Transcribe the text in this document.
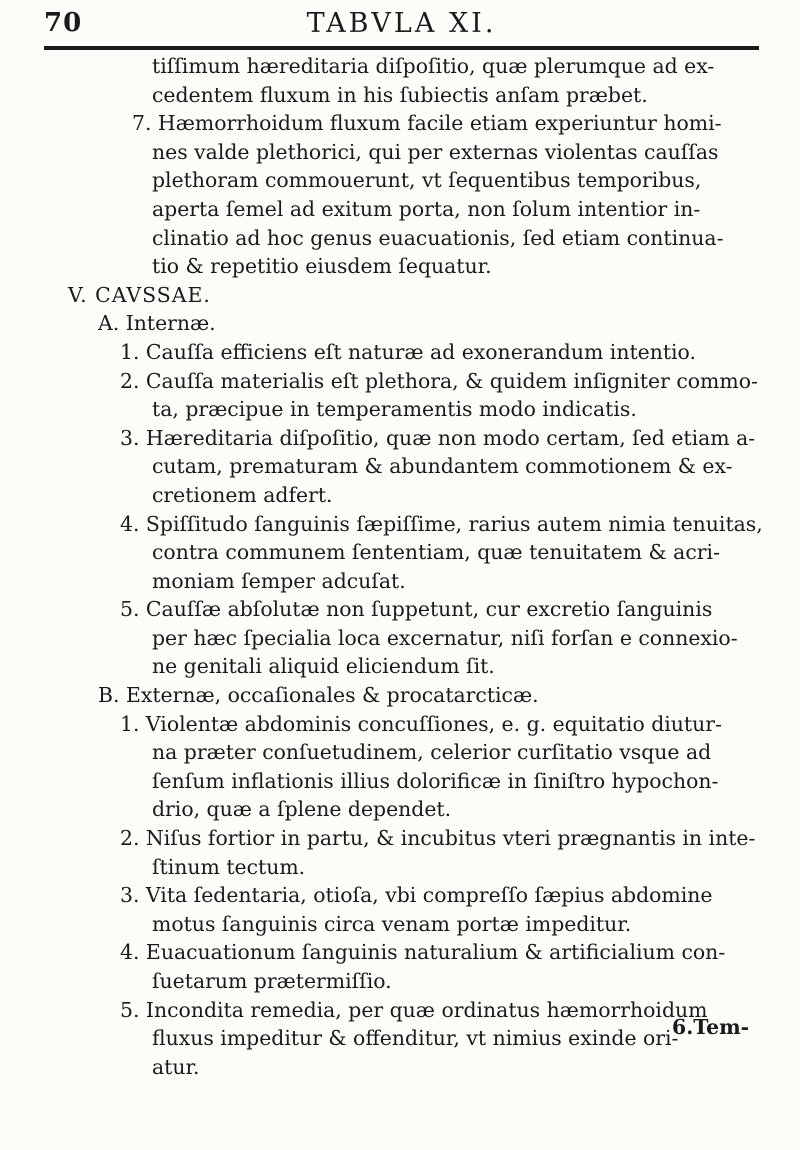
70	TABVLA XI.
tiſſimum hæreditaria diſpoſitio, quæ plerumque ad ex-
cedentem fluxum in his ſubiectis anſam præbet.
7. Hæmorrhoidum fluxum facile etiam experiuntur homi-
nes valde plethorici, qui per externas violentas cauſſas
plethoram commouerunt, vt ſequentibus temporibus,
aperta ſemel ad exitum porta, non ſolum intentior in-
clinatio ad hoc genus euacuationis, ſed etiam continua-
tio & repetitio eiusdem ſequatur.
V. CAVSSAE.
A. Internæ.
1. Cauſſa efficiens eſt naturæ ad exonerandum intentio.
2. Cauſſa materialis eſt plethora, & quidem inſigniter commo-
ta, præcipue in temperamentis modo indicatis.
3. Hæreditaria diſpoſitio, quæ non modo certam, ſed etiam a-
cutam, prematuram & abundantem commotionem & ex-
cretionem adfert.
4. Spiſſitudo ſanguinis ſæpiſſime, rarius autem nimia tenuitas,
contra communem ſententiam, quæ tenuitatem & acri-
moniam ſemper adcuſat.
5. Cauſſæ abſolutæ non ſuppetunt, cur excretio ſanguinis
per hæc ſpecialia loca excernatur, niſi forſan e connexio-
ne genitali aliquid eliciendum ſit.
B. Externæ, occaſionales & procatarcticæ.
1. Violentæ abdominis concuſſiones, e. g. equitatio diutur-
na præter conſuetudinem, celerior curſitatio vsque ad
ſenſum inflationis illius dolorificæ in ſiniſtro hypochon-
drio, quæ a ſplene dependet.
2. Niſus fortior in partu, & incubitus vteri prægnantis in inte-
ſtinum tectum.
3. Vita ſedentaria, otioſa, vbi compreſſo ſæpius abdomine
motus ſanguinis circa venam portæ impeditur.
4. Euacuationum ſanguinis naturalium & artificialium con-
ſuetarum prætermiſſio.
5. Incondita remedia, per quæ ordinatus hæmorrhoidum
fluxus impeditur & offenditur, vt nimius exinde ori-
atur.
6.Tem-
